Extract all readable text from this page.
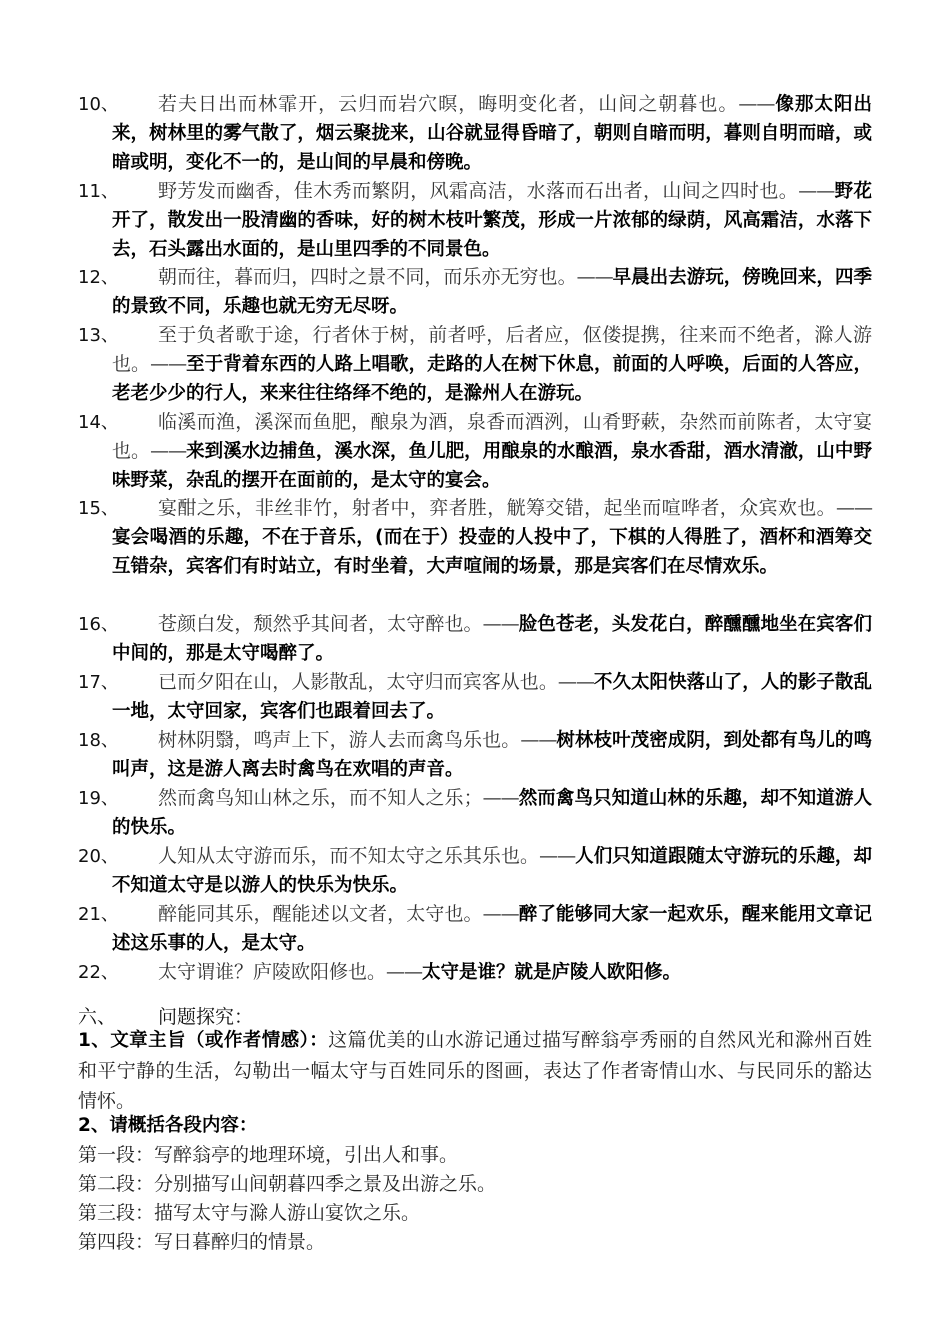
10、	若夫日出而林霏开，云归而岩穴暝，晦明变化者，山间之朝暮也。——像那太阳出来，树林里的雾气散了，烟云聚拢来，山谷就显得昏暗了，朝则自暗而明，暮则自明而暗，或暗或明，变化不一的，是山间的早晨和傍晚。
11、	野芳发而幽香，佳木秀而繁阴，风霜高洁，水落而石出者，山间之四时也。——野花开了，散发出一股清幽的香味，好的树木枝叶繁茂，形成一片浓郁的绿荫，风高霜洁，水落下去，石头露出水面的，是山里四季的不同景色。
12、	朝而往，暮而归，四时之景不同，而乐亦无穷也。——早晨出去游玩，傍晚回来，四季的景致不同，乐趣也就无穷无尽呀。
13、	至于负者歌于途，行者休于树，前者呼，后者应，伛偻提携，往来而不绝者，滁人游也。——至于背着东西的人路上唱歌，走路的人在树下休息，前面的人呼唤，后面的人答应，老老少少的行人，来来往往络绎不绝的，是滁州人在游玩。
14、	临溪而渔，溪深而鱼肥，酿泉为酒，泉香而酒洌，山肴野蔌，杂然而前陈者，太守宴也。——来到溪水边捕鱼，溪水深，鱼儿肥，用酿泉的水酿酒，泉水香甜，酒水清澈，山中野味野菜，杂乱的摆开在面前的，是太守的宴会。
15、	宴酣之乐，非丝非竹，射者中，弈者胜，觥筹交错，起坐而喧哗者，众宾欢也。——宴会喝酒的乐趣，不在于音乐，(而在于）投壶的人投中了，下棋的人得胜了，酒杯和酒筹交互错杂，宾客们有时站立，有时坐着，大声喧闹的场景，那是宾客们在尽情欢乐。
16、	苍颜白发，颓然乎其间者，太守醉也。——脸色苍老，头发花白，醉醺醺地坐在宾客们中间的，那是太守喝醉了。
17、	已而夕阳在山，人影散乱，太守归而宾客从也。——不久太阳快落山了，人的影子散乱一地，太守回家，宾客们也跟着回去了。
18、	树林阴翳，鸣声上下，游人去而禽鸟乐也。——树林枝叶茂密成阴，到处都有鸟儿的鸣叫声，这是游人离去时禽鸟在欢唱的声音。
19、	然而禽鸟知山林之乐，而不知人之乐；——然而禽鸟只知道山林的乐趣，却不知道游人的快乐。
20、	人知从太守游而乐，而不知太守之乐其乐也。——人们只知道跟随太守游玩的乐趣，却不知道太守是以游人的快乐为快乐。
21、	醉能同其乐，醒能述以文者，太守也。——醉了能够同大家一起欢乐，醒来能用文章记述这乐事的人，是太守。
22、	太守谓谁？庐陵欧阳修也。——太守是谁？就是庐陵人欧阳修。
六、 问题探究：
1、文章主旨（或作者情感）：这篇优美的山水游记通过描写醉翁亭秀丽的自然风光和滁州百姓和平宁静的生活，勾勒出一幅太守与百姓同乐的图画，表达了作者寄情山水、与民同乐的豁达情怀。
2、请概括各段内容：
第一段：写醉翁亭的地理环境，引出人和事。
第二段：分别描写山间朝暮四季之景及出游之乐。
第三段：描写太守与滁人游山宴饮之乐。
第四段：写日暮醉归的情景。
